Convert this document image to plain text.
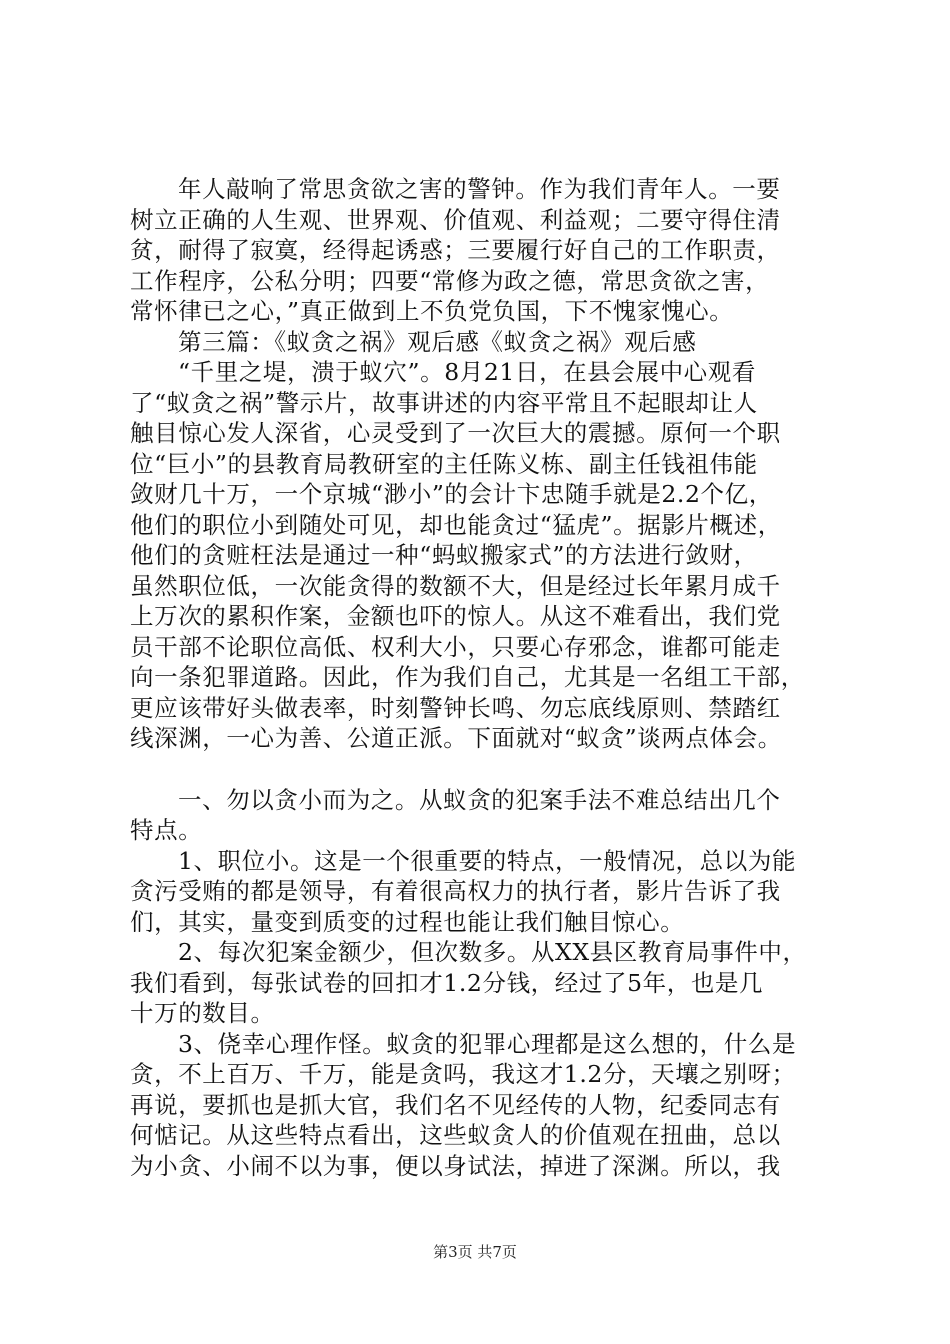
年人敲响了常思贪欲之害的警钟。作为我们青年人。一要
树立正确的人生观、世界观、价值观、利益观；二要守得住清
贫，耐得了寂寞，经得起诱惑；三要履行好自己的工作职责，
工作程序，公私分明；四要“常修为政之德，常思贪欲之害，
常怀律已之心，”真正做到上不负党负国，下不愧家愧心。
第三篇：《蚁贪之祸》观后感《蚁贪之祸》观后感
“千里之堤，溃于蚁穴”。8月21日，在县会展中心观看
了“蚁贪之祸”警示片，故事讲述的内容平常且不起眼却让人
触目惊心发人深省，心灵受到了一次巨大的震撼。原何一个职
位“巨小”的县教育局教研室的主任陈义栋、副主任钱祖伟能
敛财几十万，一个京城“渺小”的会计卞忠随手就是2.2个亿，
他们的职位小到随处可见，却也能贪过“猛虎”。据影片概述，
他们的贪赃枉法是通过一种“蚂蚁搬家式”的方法进行敛财，
虽然职位低，一次能贪得的数额不大，但是经过长年累月成千
上万次的累积作案，金额也吓的惊人。从这不难看出，我们党
员干部不论职位高低、权利大小，只要心存邪念，谁都可能走
向一条犯罪道路。因此，作为我们自己，尤其是一名组工干部，
更应该带好头做表率，时刻警钟长鸣、勿忘底线原则、禁踏红
线深渊，一心为善、公道正派。下面就对“蚁贪”谈两点体会。
一、勿以贪小而为之。从蚁贪的犯案手法不难总结出几个
特点。
1、职位小。这是一个很重要的特点，一般情况，总以为能
贪污受贿的都是领导，有着很高权力的执行者，影片告诉了我
们，其实，量变到质变的过程也能让我们触目惊心。
2、每次犯案金额少，但次数多。从XX县区教育局事件中，
我们看到，每张试卷的回扣才1.2分钱，经过了5年，也是几
十万的数目。
3、侥幸心理作怪。蚁贪的犯罪心理都是这么想的，什么是
贪，不上百万、千万，能是贪吗，我这才1.2分，天壤之别呀；
再说，要抓也是抓大官，我们名不见经传的人物，纪委同志有
何惦记。从这些特点看出，这些蚁贪人的价值观在扭曲，总以
为小贪、小闹不以为事，便以身试法，掉进了深渊。所以，我
第3页 共7页
